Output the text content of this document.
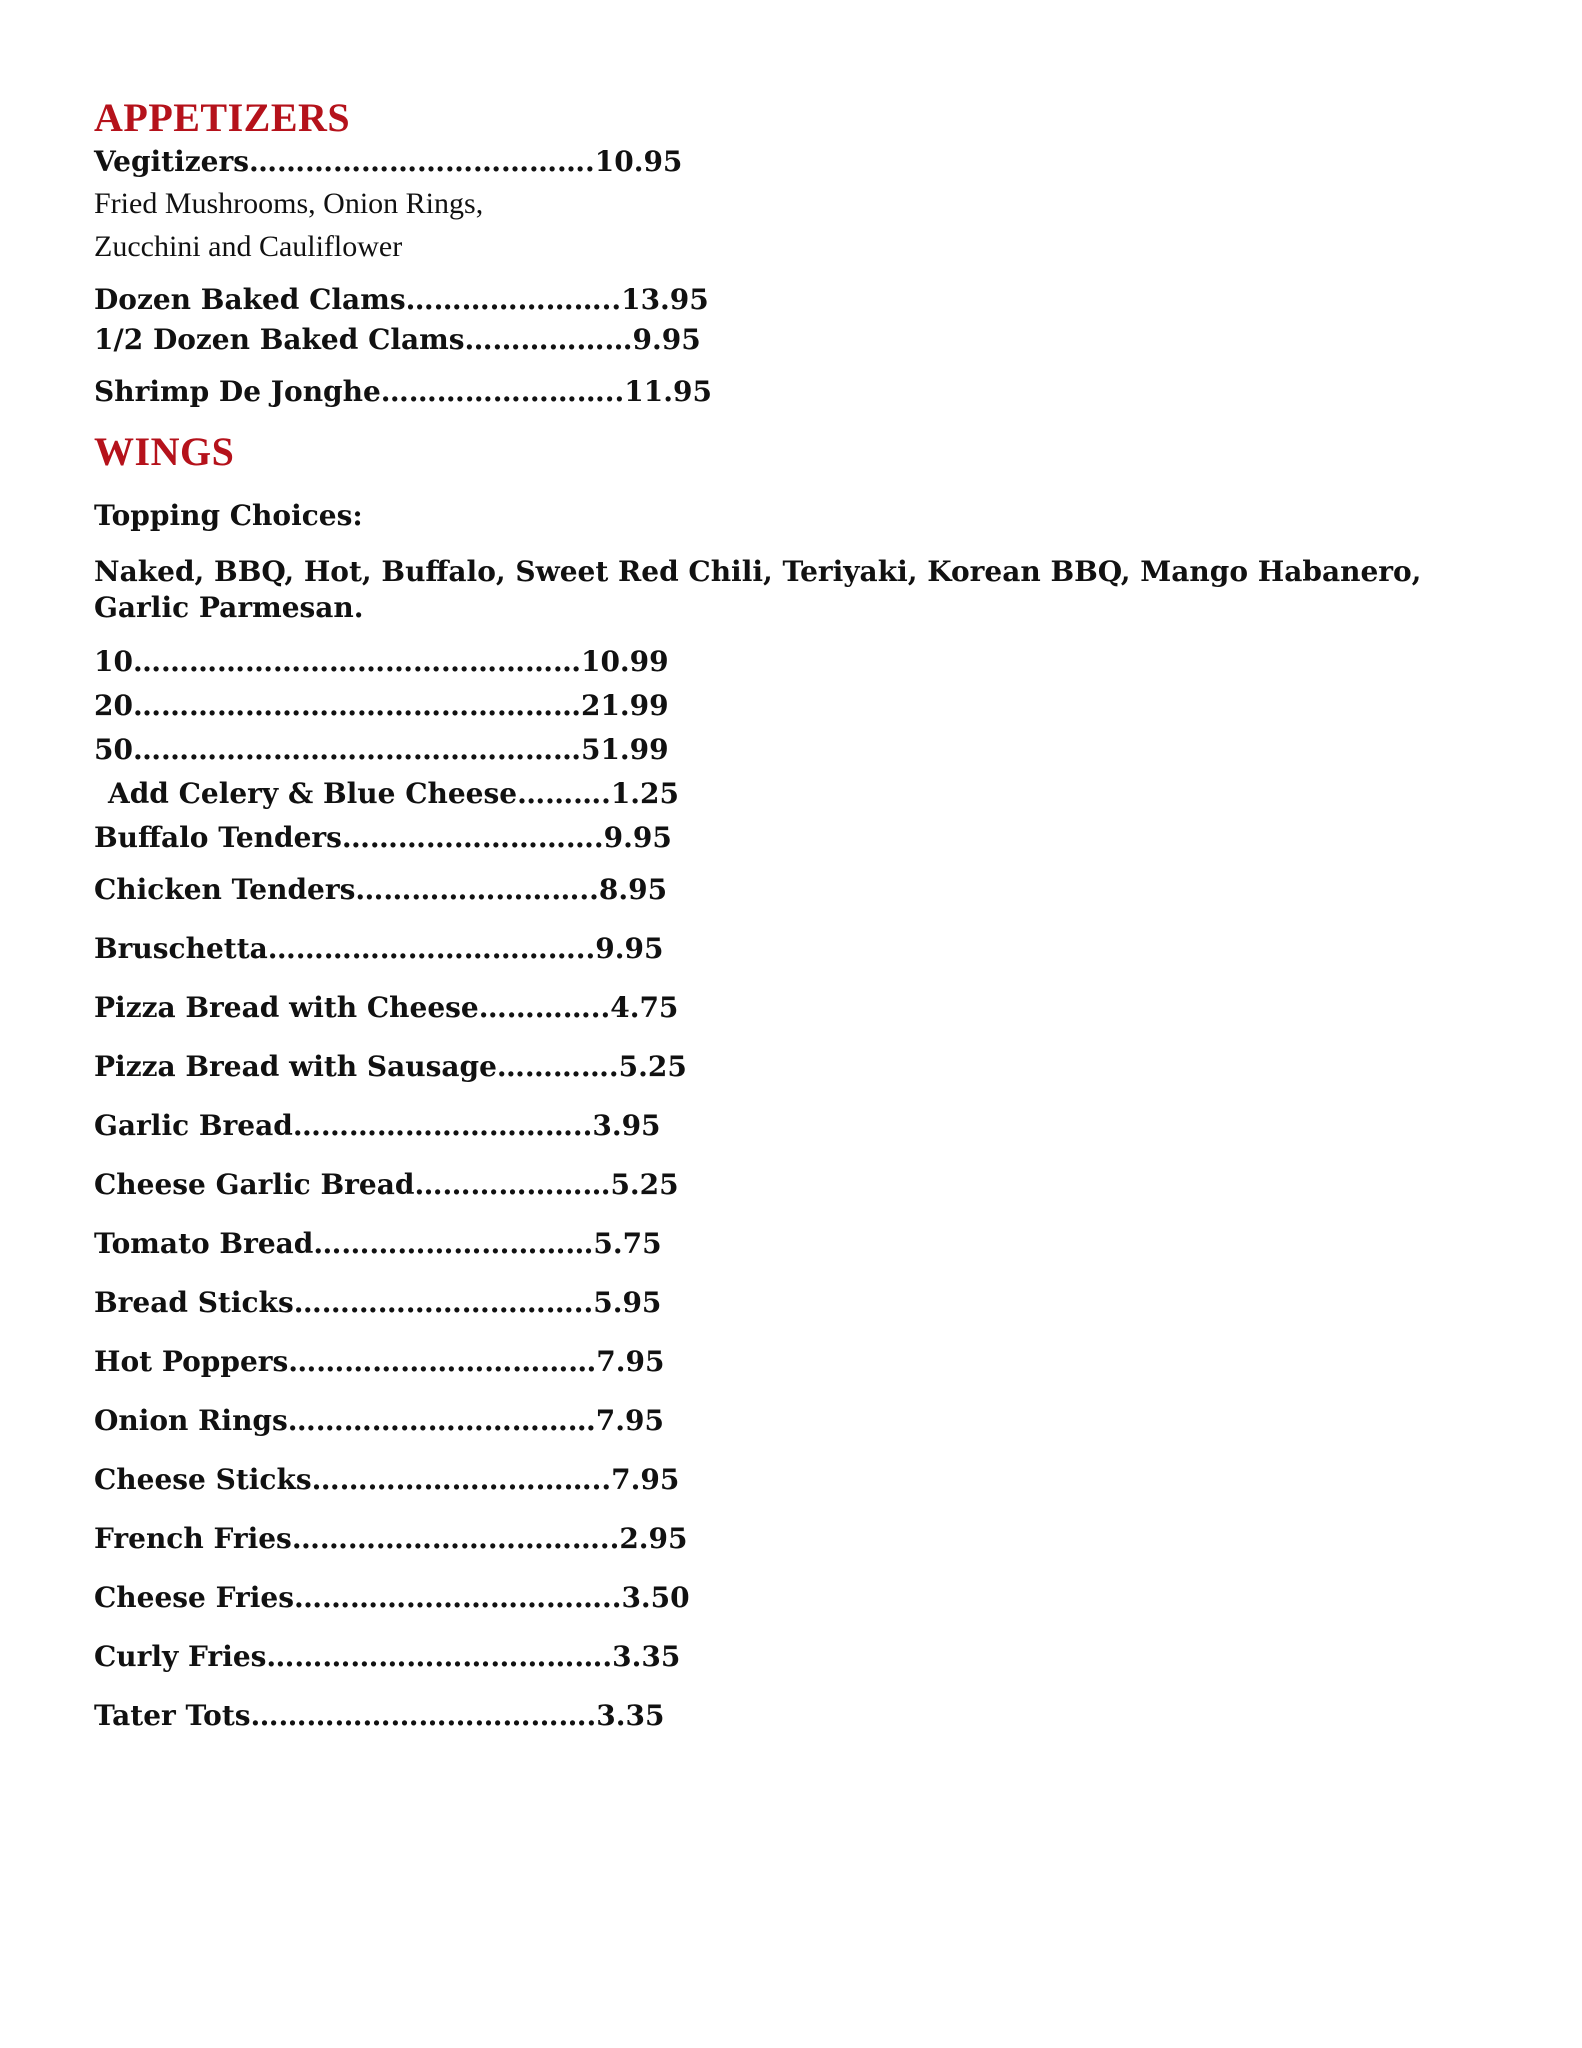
APPETIZERS
Vegitizers……………………………….10.95
Fried Mushrooms, Onion Rings,
Zucchini and Cauliflower
Dozen Baked Clams…………………..13.95
1/2 Dozen Baked Clams………………9.95
Shrimp De Jonghe……………………..11.95
WINGS
Topping Choices:
Naked, BBQ, Hot, Buffalo, Sweet Red Chili, Teriyaki, Korean BBQ, Mango Habanero, Garlic Parmesan.
10…………………………………………10.99
20…………………………………………21.99
50…………………………………………51.99
Add Celery & Blue Cheese……….1.25
Buffalo Tenders……………………….9.95
Chicken Tenders……………………..8.95
Bruschetta……………………………..9.95
Pizza Bread with Cheese…………..4.75
Pizza Bread with Sausage………….5.25
Garlic Bread…………………………..3.95
Cheese Garlic Bread…………………5.25
Tomato Bread…………………………5.75
Bread Sticks…………………………..5.95
Hot Poppers……………………………7.95
Onion Rings……………………………7.95
Cheese Sticks…………………………..7.95
French Fries……………………………..2.95
Cheese Fries……………………………..3.50
Curly Fries……………………………….3.35
Tater Tots……………………………….3.35
